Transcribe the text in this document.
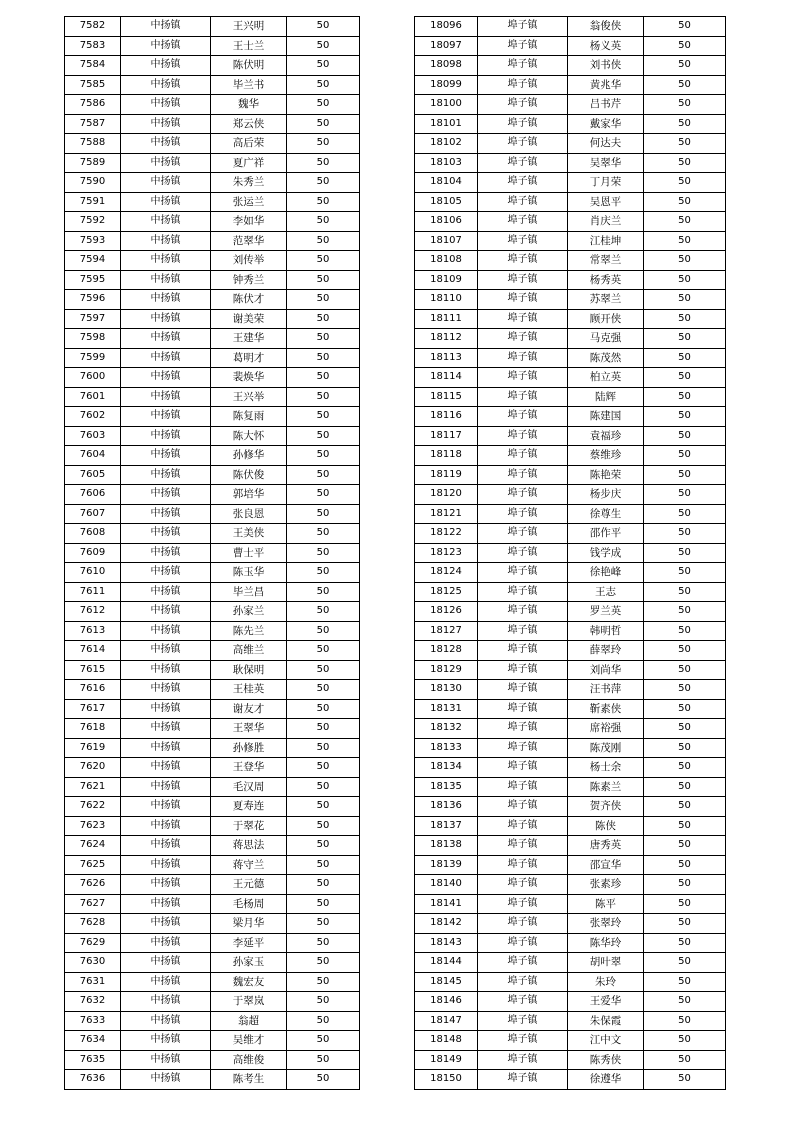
7582	中扬镇	王兴明	50
7583	中扬镇	王士兰	50
7584	中扬镇	陈伏明	50
7585	中扬镇	毕兰书	50
7586	中扬镇	魏华	50
7587	中扬镇	郑云侠	50
7588	中扬镇	高后荣	50
7589	中扬镇	夏广祥	50
7590	中扬镇	朱秀兰	50
7591	中扬镇	张运兰	50
7592	中扬镇	李如华	50
7593	中扬镇	范翠华	50
7594	中扬镇	刘传举	50
7595	中扬镇	钟秀兰	50
7596	中扬镇	陈伏才	50
7597	中扬镇	谢美荣	50
7598	中扬镇	王建华	50
7599	中扬镇	葛明才	50
7600	中扬镇	裴焕华	50
7601	中扬镇	王兴举	50
7602	中扬镇	陈复雨	50
7603	中扬镇	陈大怀	50
7604	中扬镇	孙修华	50
7605	中扬镇	陈伏俊	50
7606	中扬镇	郭培华	50
7607	中扬镇	张良恩	50
7608	中扬镇	王美侠	50
7609	中扬镇	曹士平	50
7610	中扬镇	陈玉华	50
7611	中扬镇	毕兰昌	50
7612	中扬镇	孙家兰	50
7613	中扬镇	陈先兰	50
7614	中扬镇	高维兰	50
7615	中扬镇	耿保明	50
7616	中扬镇	王桂英	50
7617	中扬镇	谢友才	50
7618	中扬镇	王翠华	50
7619	中扬镇	孙修胜	50
7620	中扬镇	王登华	50
7621	中扬镇	毛汉周	50
7622	中扬镇	夏寿连	50
7623	中扬镇	于翠花	50
7624	中扬镇	蒋思法	50
7625	中扬镇	蒋守兰	50
7626	中扬镇	王元德	50
7627	中扬镇	毛杨周	50
7628	中扬镇	梁月华	50
7629	中扬镇	李延平	50
7630	中扬镇	孙家玉	50
7631	中扬镇	魏宏友	50
7632	中扬镇	于翠岚	50
7633	中扬镇	翁超	50
7634	中扬镇	吴维才	50
7635	中扬镇	高维俊	50
7636	中扬镇	陈考生	50
18096	埠子镇	翁俊侠	50
18097	埠子镇	杨义英	50
18098	埠子镇	刘书侠	50
18099	埠子镇	黄兆华	50
18100	埠子镇	吕书芹	50
18101	埠子镇	戴家华	50
18102	埠子镇	何达夫	50
18103	埠子镇	吴翠华	50
18104	埠子镇	丁月荣	50
18105	埠子镇	吴恩平	50
18106	埠子镇	肖庆兰	50
18107	埠子镇	江桂坤	50
18108	埠子镇	常翠兰	50
18109	埠子镇	杨秀英	50
18110	埠子镇	苏翠兰	50
18111	埠子镇	顾开侠	50
18112	埠子镇	马克强	50
18113	埠子镇	陈茂然	50
18114	埠子镇	柏立英	50
18115	埠子镇	陆辉	50
18116	埠子镇	陈建国	50
18117	埠子镇	袁福珍	50
18118	埠子镇	蔡维珍	50
18119	埠子镇	陈艳荣	50
18120	埠子镇	杨步庆	50
18121	埠子镇	徐尊生	50
18122	埠子镇	邵作平	50
18123	埠子镇	钱学成	50
18124	埠子镇	徐艳峰	50
18125	埠子镇	王志	50
18126	埠子镇	罗兰英	50
18127	埠子镇	韩明哲	50
18128	埠子镇	薛翠玲	50
18129	埠子镇	刘尚华	50
18130	埠子镇	汪书萍	50
18131	埠子镇	靳素侠	50
18132	埠子镇	席裕强	50
18133	埠子镇	陈茂刚	50
18134	埠子镇	杨士余	50
18135	埠子镇	陈素兰	50
18136	埠子镇	贺齐侠	50
18137	埠子镇	陈侠	50
18138	埠子镇	唐秀英	50
18139	埠子镇	邵宣华	50
18140	埠子镇	张素珍	50
18141	埠子镇	陈平	50
18142	埠子镇	张翠玲	50
18143	埠子镇	陈华玲	50
18144	埠子镇	胡叶翠	50
18145	埠子镇	朱玲	50
18146	埠子镇	王爱华	50
18147	埠子镇	朱保霞	50
18148	埠子镇	江中文	50
18149	埠子镇	陈秀侠	50
18150	埠子镇	徐遵华	50
